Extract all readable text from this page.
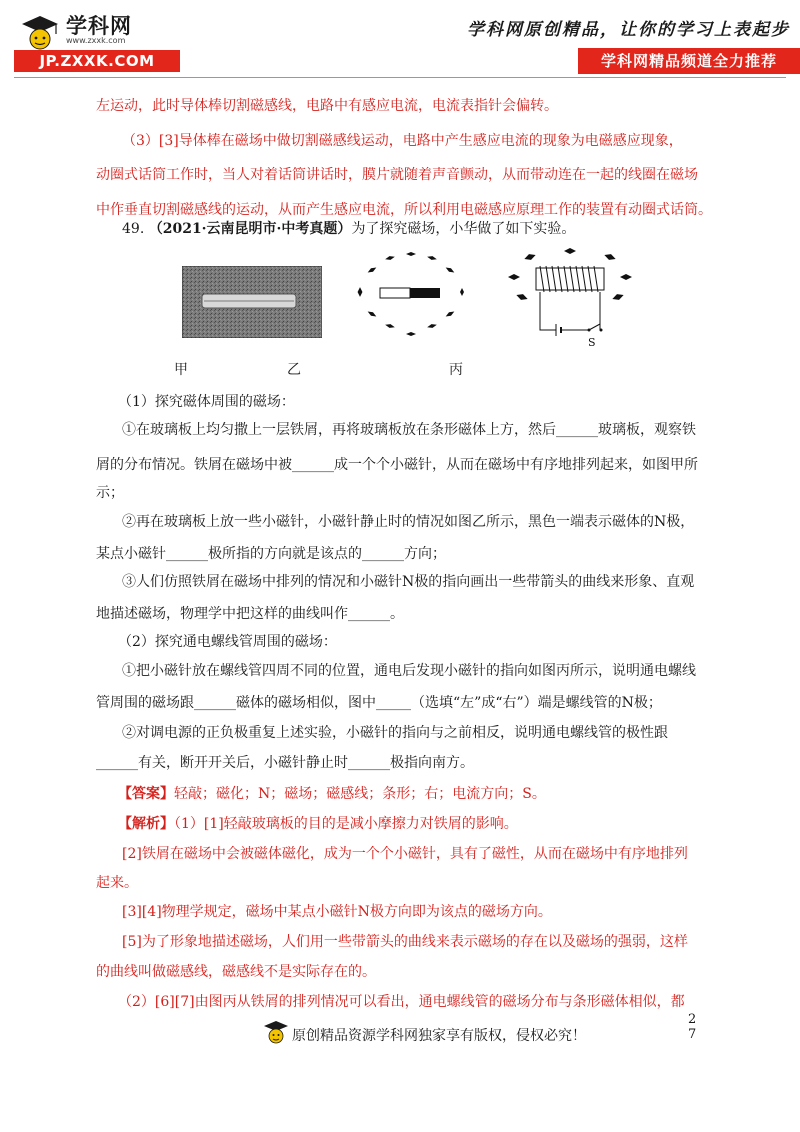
学科网
www.zxxk.com
JP.ZXXK.COM
学科网原创精品，让你的学习上表起步
学科网精品频道全力推荐
左运动，此时导体棒切割磁感线，电路中有感应电流，电流表指针会偏转。
（3）[3]导体棒在磁场中做切割磁感线运动，电路中产生感应电流的现象为电磁感应现象，
动圈式话筒工作时，当人对着话筒讲话时，膜片就随着声音颤动，从而带动连在一起的线圈在磁场
中作垂直切割磁感线的运动，从而产生感应电流，所以利用电磁感应原理工作的装置有动圈式话筒。
49. （2021·云南昆明市·中考真题）为了探究磁场，小华做了如下实验。
S
甲	乙	丙
（1）探究磁体周围的磁场：
①在玻璃板上均匀撒上一层铁屑，再将玻璃板放在条形磁体上方，然后______玻璃板，观察铁
屑的分布情况。铁屑在磁场中被______成一个个小磁针，从而在磁场中有序地排列起来，如图甲所
示；
②再在玻璃板上放一些小磁针，小磁针静止时的情况如图乙所示，黑色一端表示磁体的N极，
某点小磁针______极所指的方向就是该点的______方向；
③人们仿照铁屑在磁场中排列的情况和小磁针N极的指向画出一些带箭头的曲线来形象、直观
地描述磁场，物理学中把这样的曲线叫作______。
（2）探究通电螺线管周围的磁场：
①把小磁针放在螺线管四周不同的位置，通电后发现小磁针的指向如图丙所示，说明通电螺线
管周围的磁场跟______磁体的磁场相似，图中_____（选填“左”成“右”）端是螺线管的N极；
②对调电源的正负极重复上述实验，小磁针的指向与之前相反，说明通电螺线管的极性跟
______有关，断开开关后，小磁针静止时______极指向南方。
【答案】轻敲；磁化；N；磁场；磁感线；条形；右；电流方向；S。
【解析】（1）[1]轻敲玻璃板的目的是减小摩擦力对铁屑的影响。
[2]铁屑在磁场中会被磁体磁化，成为一个个小磁针，具有了磁性，从而在磁场中有序地排列
起来。
[3][4]物理学规定，磁场中某点小磁针N极方向即为该点的磁场方向。
[5]为了形象地描述磁场，人们用一些带箭头的曲线来表示磁场的存在以及磁场的强弱，这样
的曲线叫做磁感线，磁感线不是实际存在的。
（2）[6][7]由图丙从铁屑的排列情况可以看出，通电螺线管的磁场分布与条形磁体相似，都
原创精品资源学科网独家享有版权，侵权必究！
2
7
